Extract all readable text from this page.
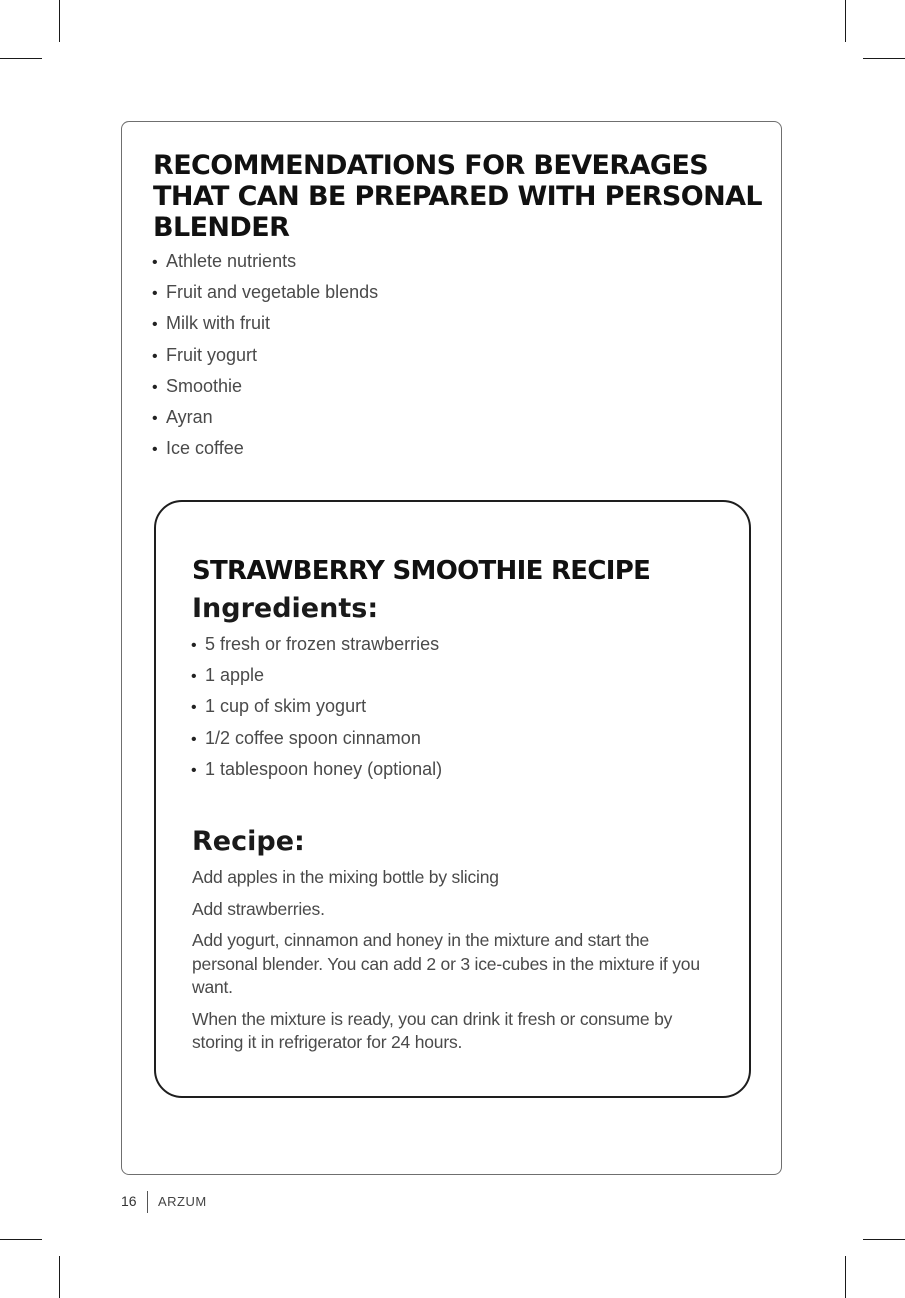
RECOMMENDATIONS FOR BEVERAGES THAT CAN BE PREPARED WITH PERSONAL BLENDER
• Athlete nutrients
• Fruit and vegetable blends
• Milk with fruit
• Fruit yogurt
• Smoothie
• Ayran
• Ice coffee
STRAWBERRY SMOOTHIE RECIPE
Ingredients:
• 5 fresh or frozen strawberries
• 1 apple
• 1 cup of skim yogurt
• 1/2 coffee spoon cinnamon
• 1 tablespoon honey (optional)
Recipe:

Add apples in the mixing bottle by slicing

Add strawberries.

Add yogurt, cinnamon and honey in the mixture and start the personal blender. You can add 2 or 3 ice-cubes in the mixture if you want.

When the mixture is ready, you can drink it fresh or consume by storing it in refrigerator for 24 hours.

16 ARZUM
